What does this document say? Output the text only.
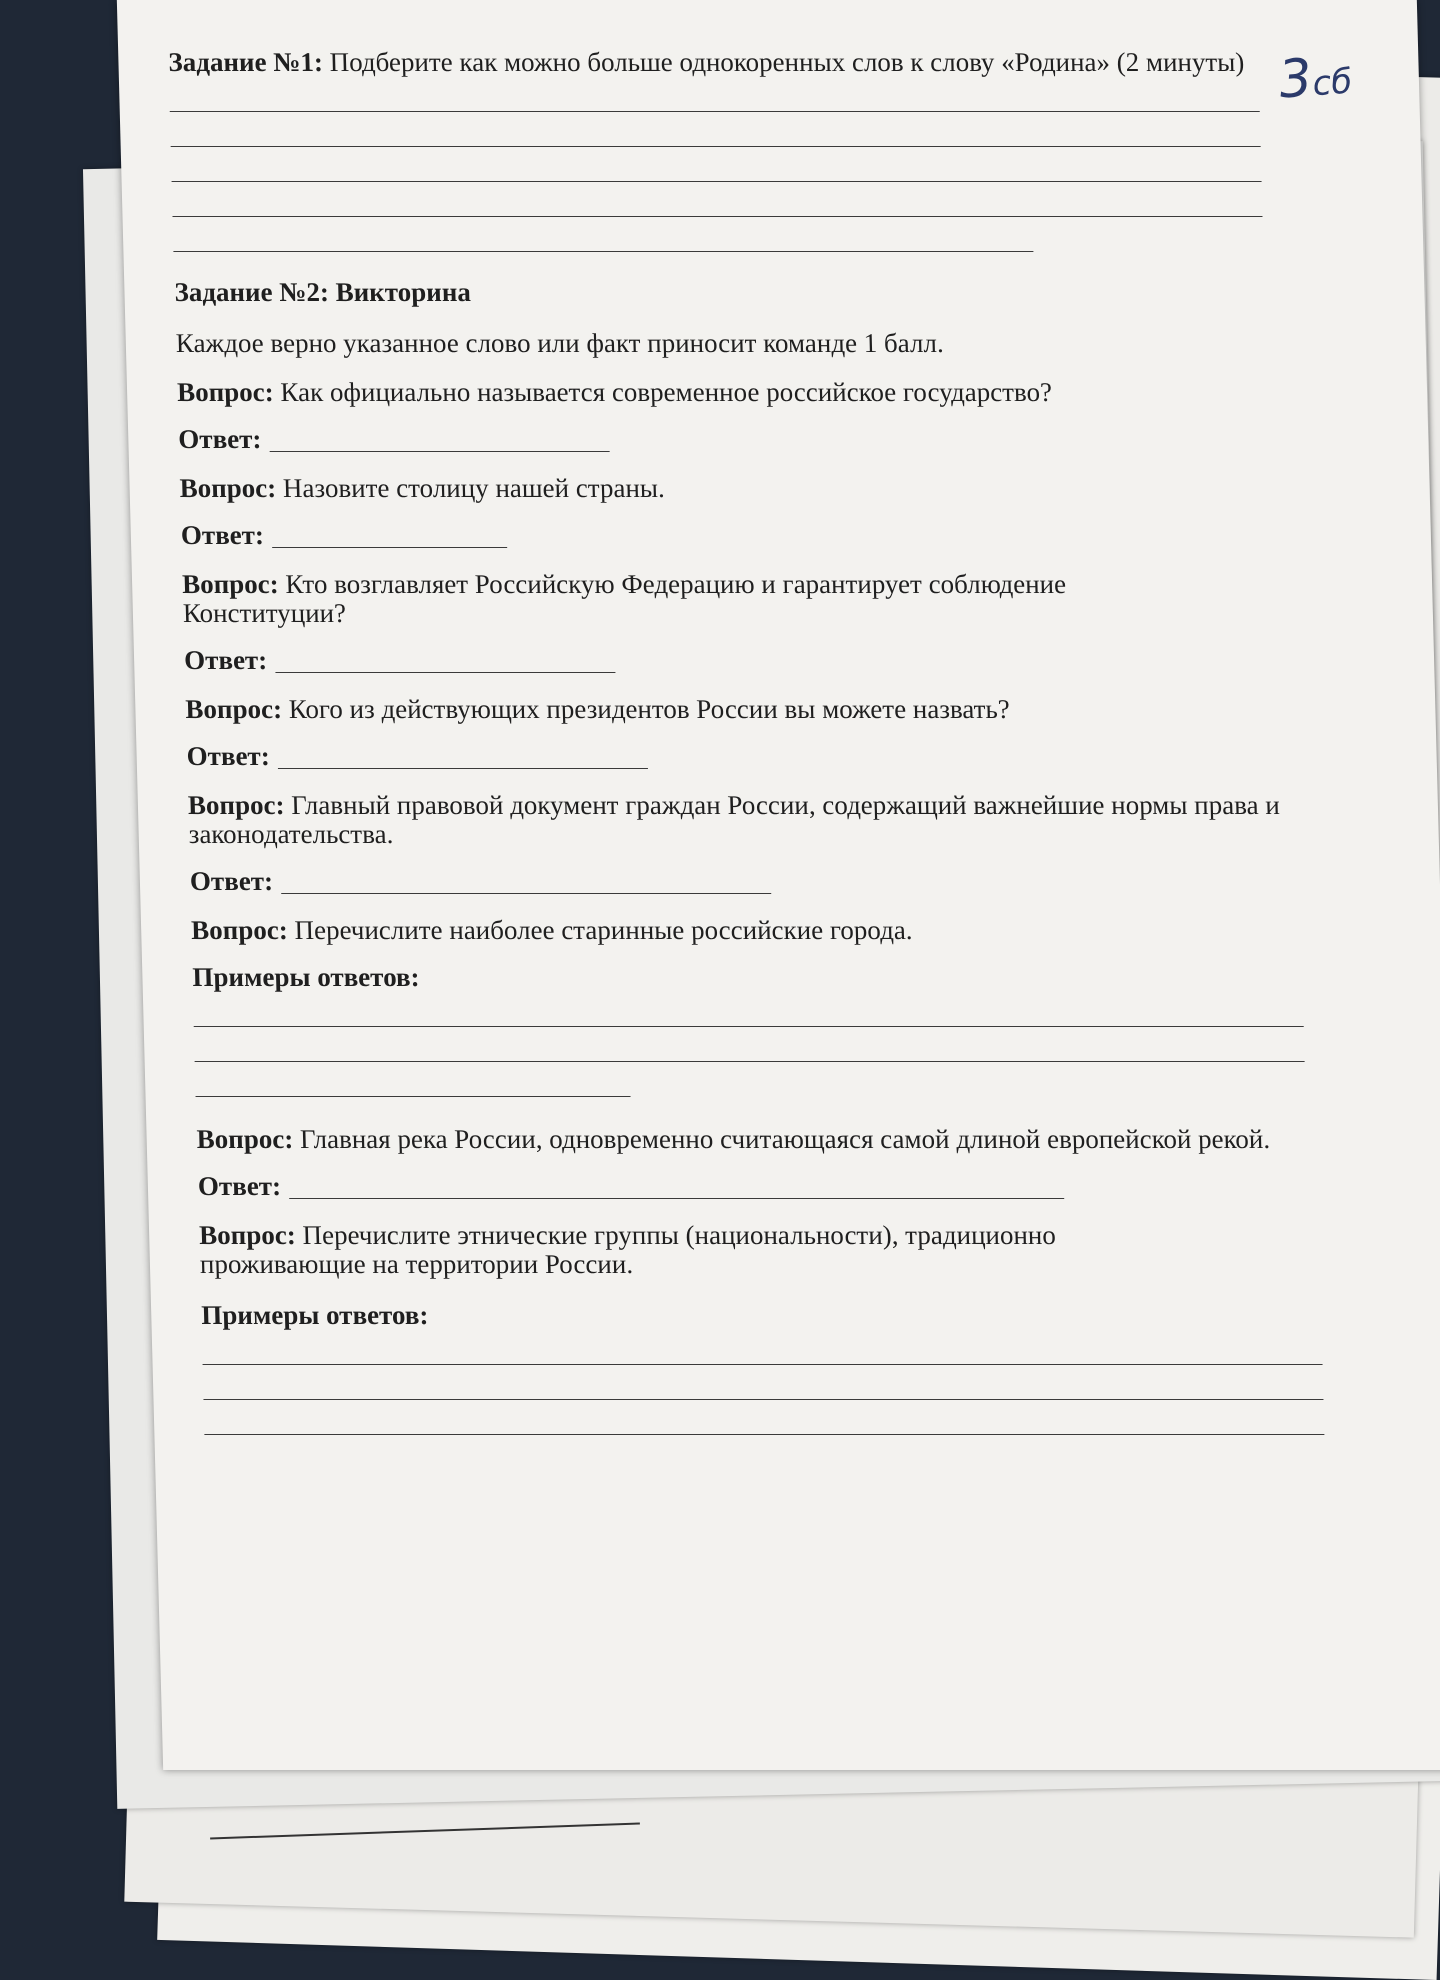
3сб

Задание №1: Подберите как можно больше однокоренных слов к слову «Родина» (2 минуты)

Задание №2: Викторина

Каждое верно указанное слово или факт приносит команде 1 балл.

Вопрос: Как официально называется современное российское государство?

Ответ:

Вопрос: Назовите столицу нашей страны.

Ответ:

Вопрос: Кто возглавляет Российскую Федерацию и гарантирует соблюдение Конституции?

Ответ:

Вопрос: Кого из действующих президентов России вы можете назвать?

Ответ:

Вопрос: Главный правовой документ граждан России, содержащий важнейшие нормы права и законодательства.

Ответ:

Вопрос: Перечислите наиболее старинные российские города.

Примеры ответов:

Вопрос: Главная река России, одновременно считающаяся самой длиной европейской рекой.

Ответ:

Вопрос: Перечислите этнические группы (национальности), традиционно проживающие на территории России.

Примеры ответов:
